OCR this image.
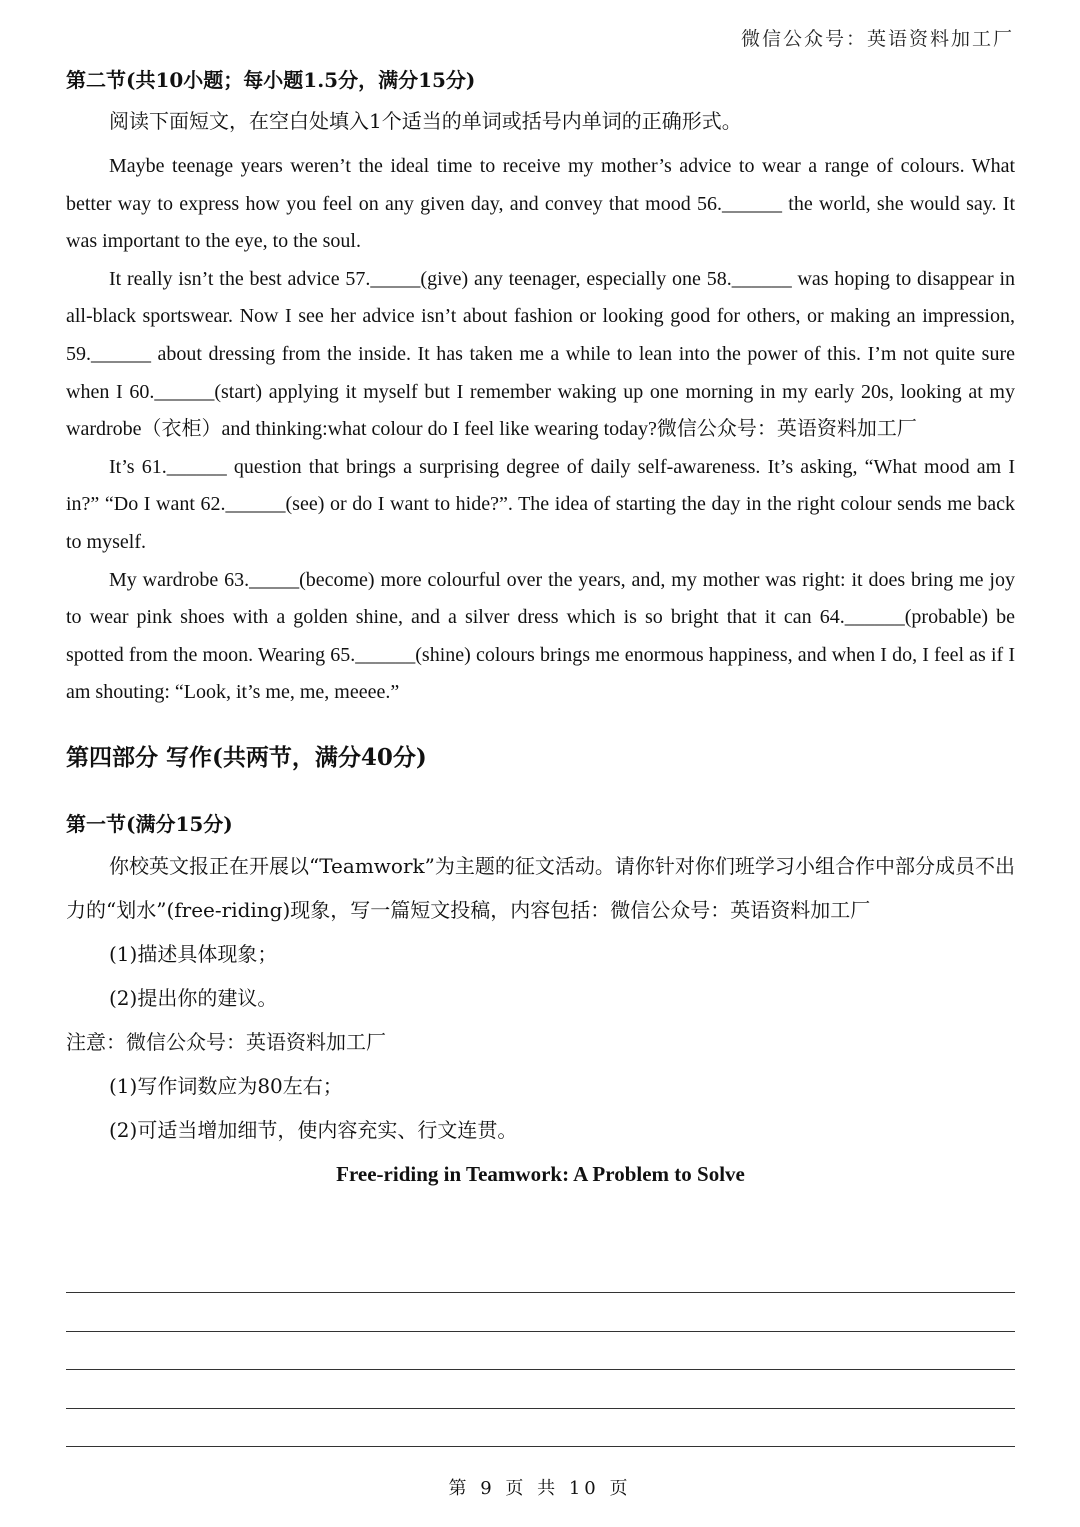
微信公众号：英语资料加工厂
第二节(共10小题；每小题1.5分，满分15分)
阅读下面短文，在空白处填入1个适当的单词或括号内单词的正确形式。

Maybe teenage years weren’t the ideal time to receive my mother’s advice to wear a range of colours. What better way to express how you feel on any given day, and convey that mood 56.______ the world, she would say. It was important to the eye, to the soul.

It really isn’t the best advice 57._____(give) any teenager, especially one 58.______ was hoping to disappear in all-black sportswear. Now I see her advice isn’t about fashion or looking good for others, or making an impression, 59.______ about dressing from the inside. It has taken me a while to lean into the power of this. I’m not quite sure when I 60.______(start) applying it myself but I remember waking up one morning in my early 20s, looking at my wardrobe（衣柜）and thinking:what colour do I feel like wearing today?微信公众号：英语资料加工厂

It’s 61.______ question that brings a surprising degree of daily self-awareness. It’s asking, “What mood am I in?” “Do I want 62.______(see) or do I want to hide?”. The idea of starting the day in the right colour sends me back to myself.

My wardrobe 63._____(become) more colourful over the years, and, my mother was right: it does bring me joy to wear pink shoes with a golden shine, and a silver dress which is so bright that it can 64.______(probable) be spotted from the moon. Wearing 65.______(shine) colours brings me enormous happiness, and when I do, I feel as if I am shouting: “Look, it’s me, me, meeee.”

第四部分 写作(共两节，满分40分)
第一节(满分15分)

你校英文报正在开展以“Teamwork”为主题的征文活动。请你针对你们班学习小组合作中部分成员不出力的“划水”(free-riding)现象，写一篇短文投稿，内容包括：微信公众号：英语资料加工厂

(1)描述具体现象；

(2)提出你的建议。

注意：微信公众号：英语资料加工厂

(1)写作词数应为80左右；

(2)可适当增加细节，使内容充实、行文连贯。

Free-riding in Teamwork: A Problem to Solve
第 9 页 共 10 页
